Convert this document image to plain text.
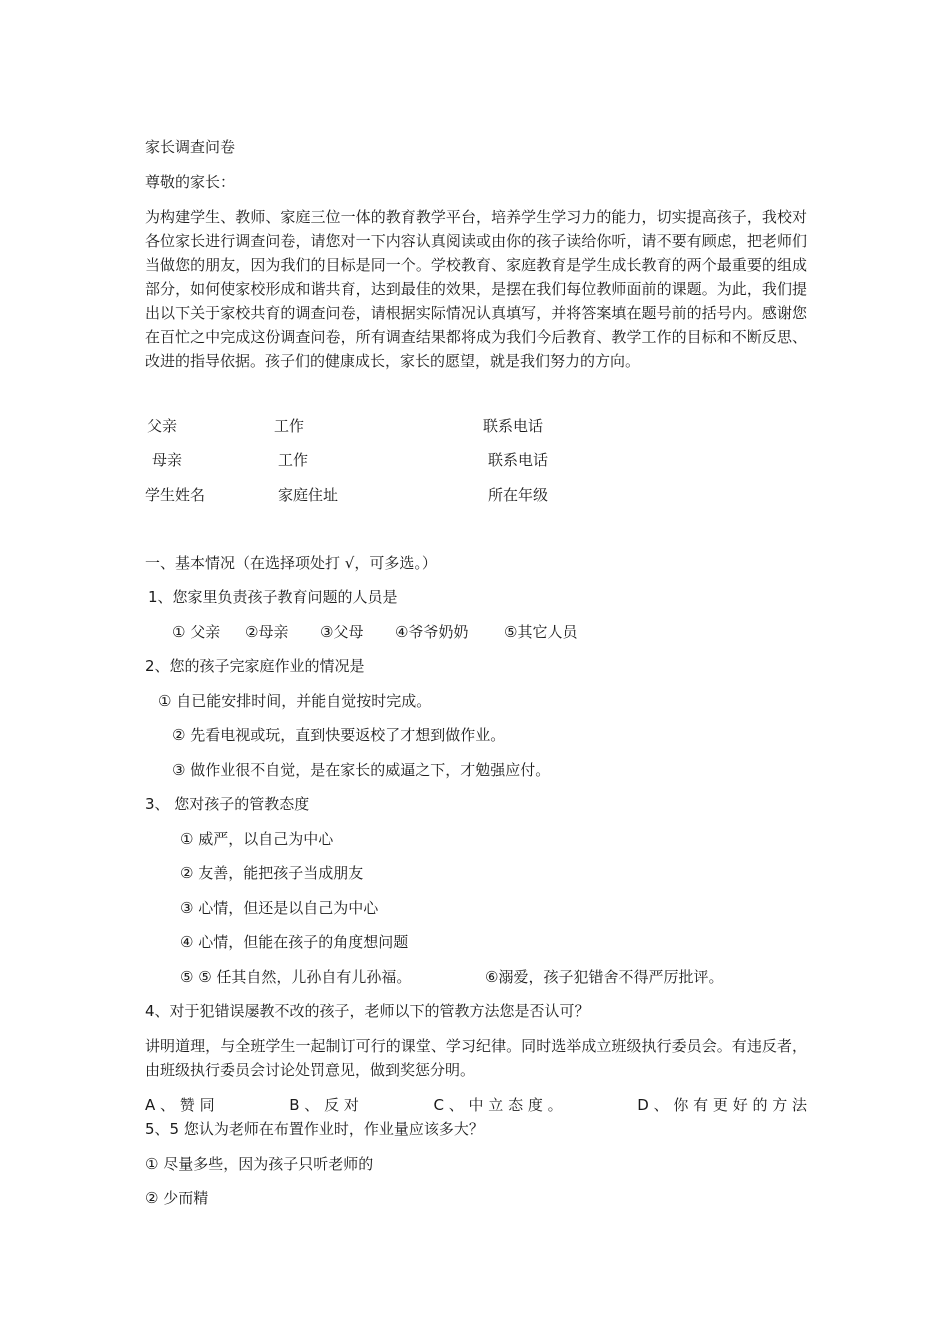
家长调查问卷
尊敬的家长：
为构建学生、教师、家庭三位一体的教育教学平台，培养学生学习力的能力，切实提高孩子，我校对各位家长进行调查问卷，请您对一下内容认真阅读或由你的孩子读给你听，请不要有顾虑，把老师们当做您的朋友，因为我们的目标是同一个。学校教育、家庭教育是学生成长教育的两个最重要的组成部分，如何使家校形成和谐共育，达到最佳的效果，是摆在我们每位教师面前的课题。为此，我们提出以下关于家校共育的调查问卷，请根据实际情况认真填写，并将答案填在题号前的括号内。感谢您在百忙之中完成这份调查问卷，所有调查结果都将成为我们今后教育、教学工作的目标和不断反思、改进的指导依据。孩子们的健康成长，家长的愿望，就是我们努力的方向。
父亲	工作	联系电话
母亲	工作	联系电话
学生姓名	家庭住址	所在年级
一、基本情况（在选择项处打 √，可多选。）
1、您家里负责孩子教育问题的人员是
① 父亲 ②母亲 ③父母 ④爷爷奶奶 ⑤其它人员
2、您的孩子完家庭作业的情况是
① 自已能安排时间，并能自觉按时完成。
② 先看电视或玩，直到快要返校了才想到做作业。
③ 做作业很不自觉，是在家长的威逼之下，才勉强应付。
3、 您对孩子的管教态度
① 威严，以自己为中心
② 友善，能把孩子当成朋友
③ 心情，但还是以自己为中心
④ 心情，但能在孩子的角度想问题
⑤ ⑤ 任其自然，儿孙自有儿孙福。	⑥溺爱，孩子犯错舍不得严厉批评。
4、对于犯错误屡教不改的孩子，老师以下的管教方法您是否认可？
讲明道理，与全班学生一起制订可行的课堂、学习纪律。同时选举成立班级执行委员会。有违反者，由班级执行委员会讨论处罚意见，做到奖惩分明。
A 、 赞 同	B 、 反 对	C 、 中 立 态 度 。	D 、 你 有 更 好 的 方 法
5、5 您认为老师在布置作业时，作业量应该多大？
① 尽量多些，因为孩子只听老师的
② 少而精
